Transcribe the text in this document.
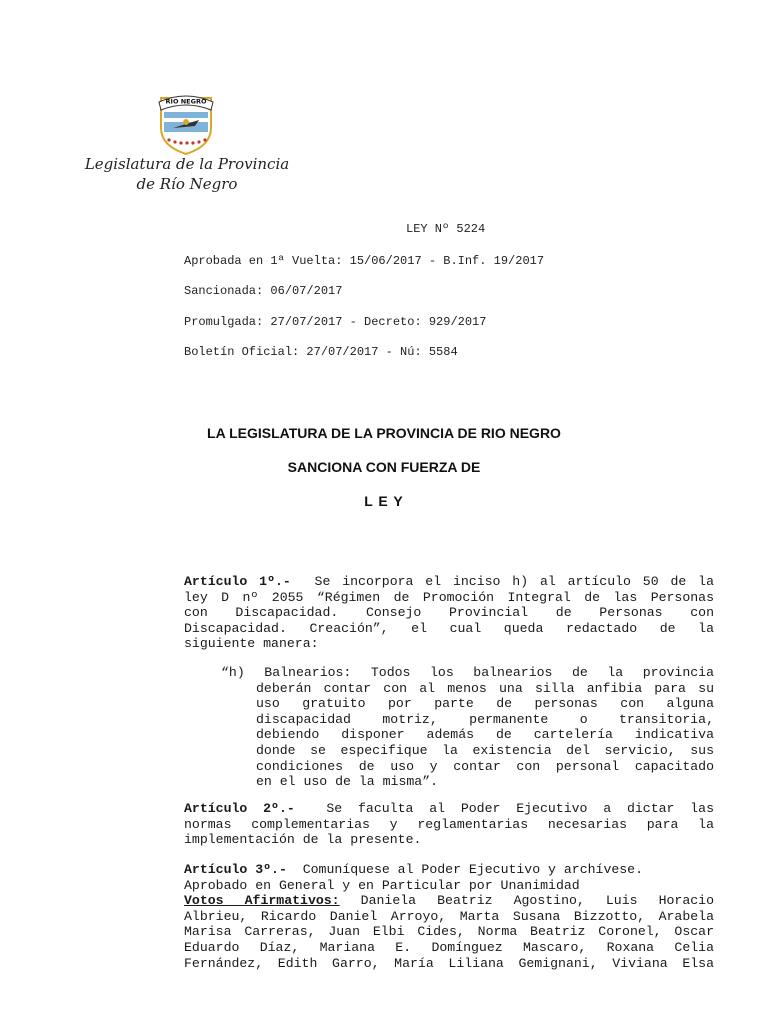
RIO NEGRO
Legislatura de la Provincia
de Río Negro
LEY Nº 5224
Aprobada en 1ª Vuelta: 15/06/2017 - B.Inf. 19/2017
Sancionada: 06/07/2017
Promulgada: 27/07/2017 - Decreto: 929/2017
Boletín Oficial: 27/07/2017 - Nú: 5584
LA LEGISLATURA DE LA PROVINCIA DE RIO NEGRO
SANCIONA CON FUERZA DE
L E Y
Artículo 1º.- Se incorpora el inciso h) al artículo 50 de la
ley D nº 2055 “Régimen de Promoción Integral de las Personas
con Discapacidad. Consejo Provincial de Personas con
Discapacidad. Creación”, el cual queda redactado de la
siguiente manera:
“h) Balnearios: Todos los balnearios de la provincia
deberán contar con al menos una silla anfibia para su
uso gratuito por parte de personas con alguna
discapacidad motriz, permanente o transitoria,
debiendo disponer además de cartelería indicativa
donde se especifique la existencia del servicio, sus
condiciones de uso y contar con personal capacitado
en el uso de la misma”.
Artículo 2º.- Se faculta al Poder Ejecutivo a dictar las
normas complementarias y reglamentarias necesarias para la
implementación de la presente.
Artículo 3º.- Comuníquese al Poder Ejecutivo y archívese.
Aprobado en General y en Particular por Unanimidad
Votos Afirmativos: Daniela Beatriz Agostino, Luis Horacio
Albrieu, Ricardo Daniel Arroyo, Marta Susana Bizzotto, Arabela
Marisa Carreras, Juan Elbi Cides, Norma Beatriz Coronel, Oscar
Eduardo Díaz, Mariana E. Domínguez Mascaro, Roxana Celia
Fernández, Edith Garro, María Liliana Gemignani, Viviana Elsa
